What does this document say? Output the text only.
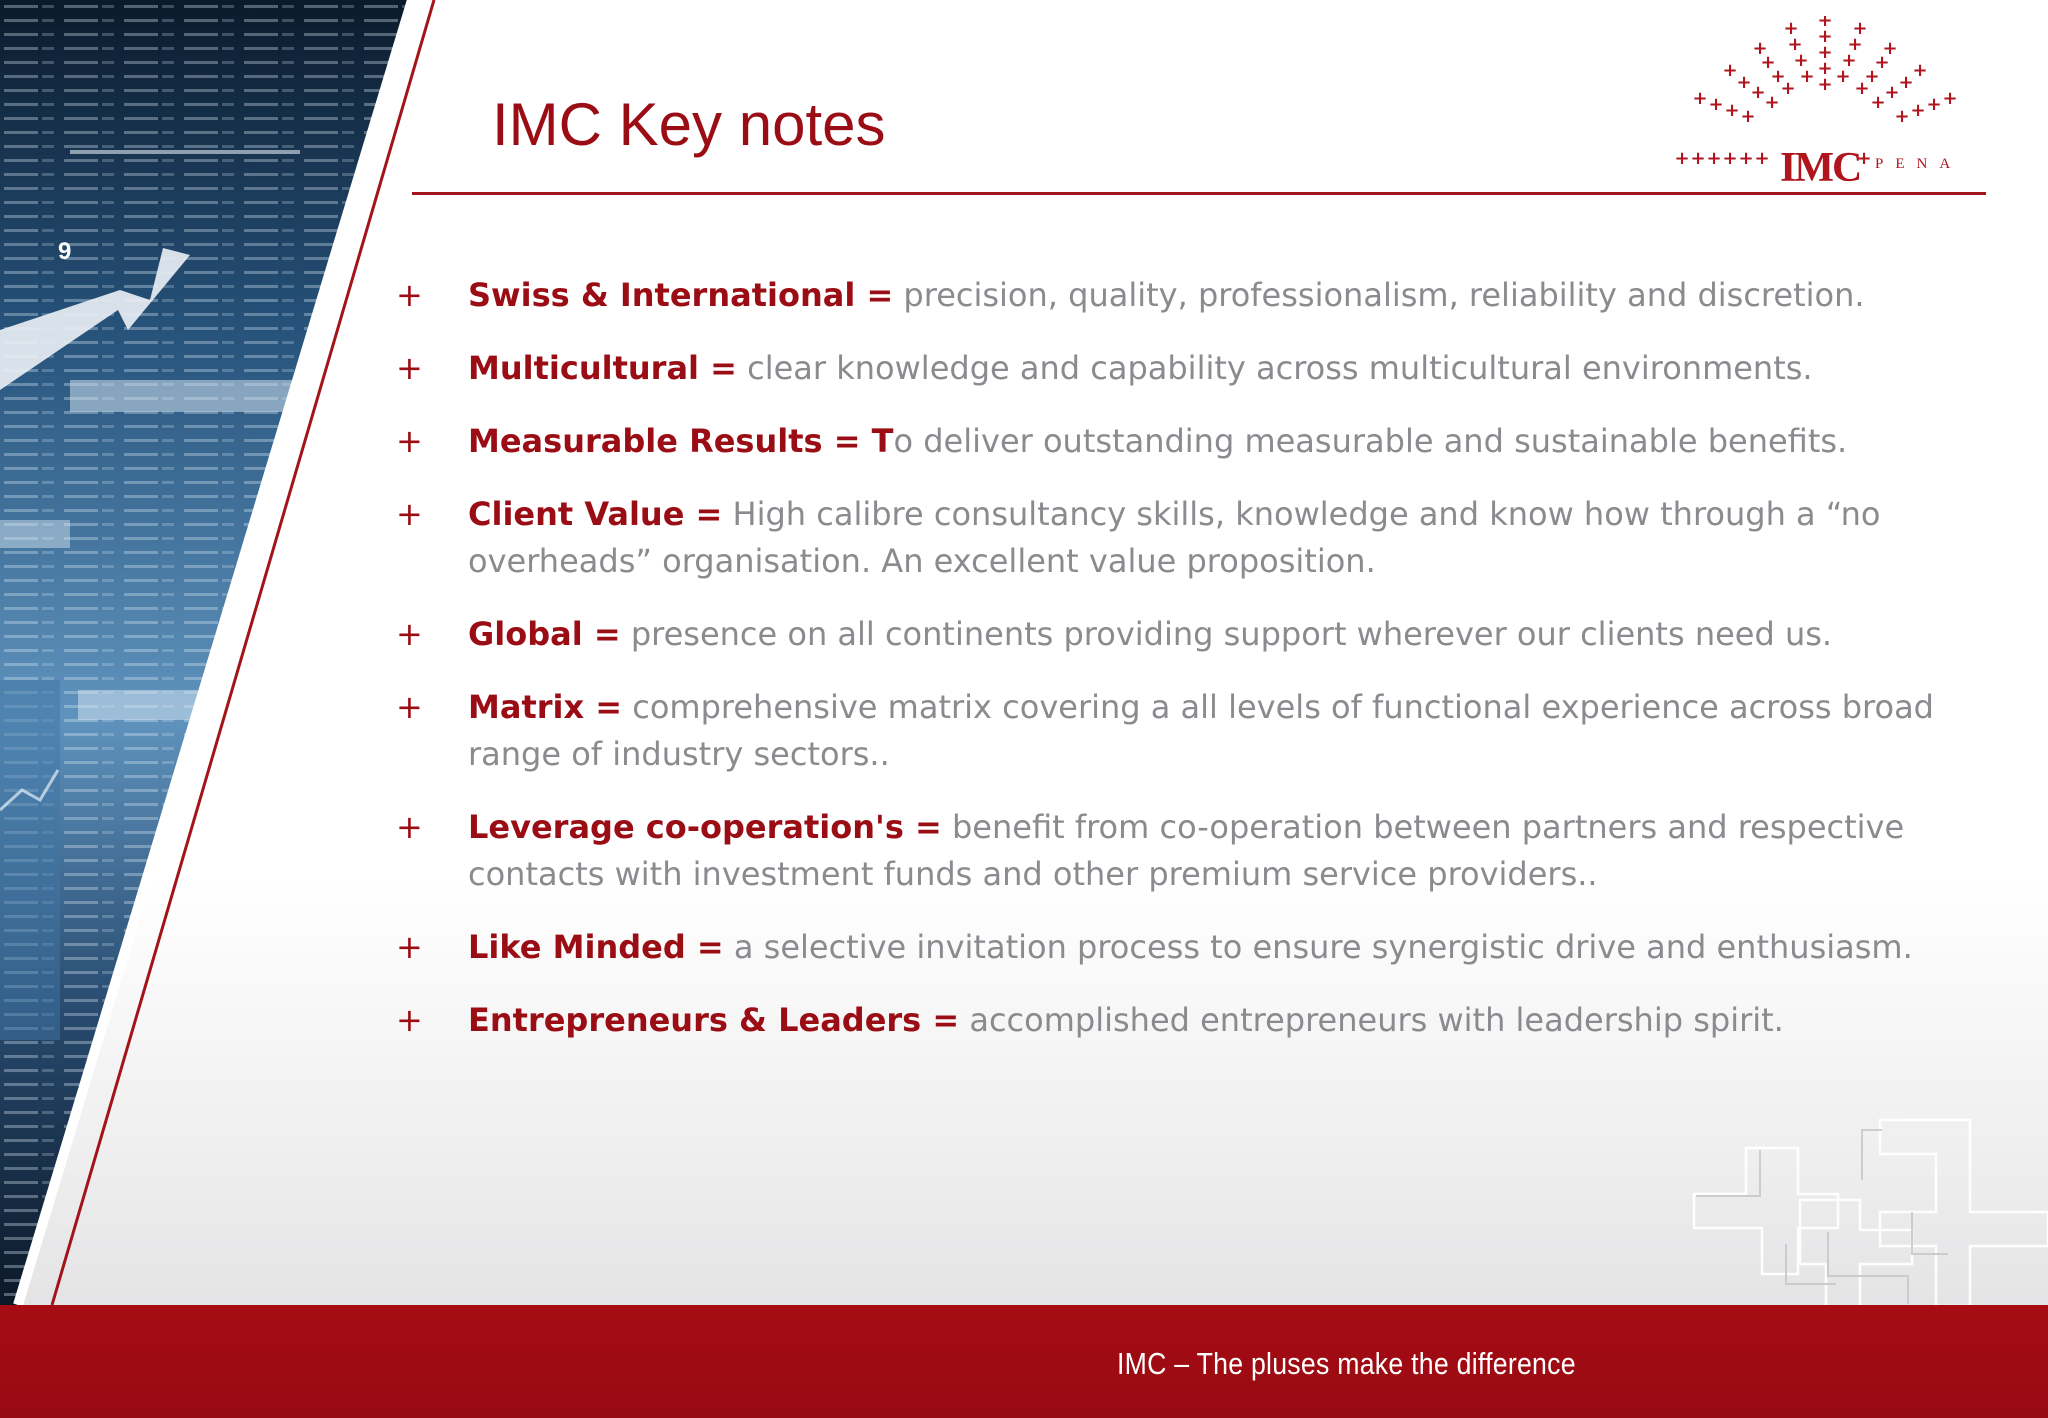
9
IMC Key notes
+
+
+
+
+
+
+
+
+
+
+
+
+
+
+
+
+
+
+
+
+
+
+
+
+
+
+
+
+
+ + + +
+
+
+
+
+ + + + + +	+
IMC PENA
+ Swiss & International = precision, quality, professionalism, reliability and discretion.
+ Multicultural = clear knowledge and capability across multicultural environments.
+ Measurable Results = To deliver outstanding measurable and sustainable benefits.
+ Client Value = High calibre consultancy skills, knowledge and know how through a “no overheads” organisation. An excellent value proposition.
+ Global = presence on all continents providing support wherever our clients need us.
+ Matrix = comprehensive matrix covering a all levels of functional experience across broad range of industry sectors..
+ Leverage co-operation's = benefit from co-operation between partners and respective contacts with investment funds and other premium service providers..
+ Like Minded = a selective invitation process to ensure synergistic drive and enthusiasm.
+ Entrepreneurs & Leaders = accomplished entrepreneurs with leadership spirit.
IMC – The pluses make the difference
